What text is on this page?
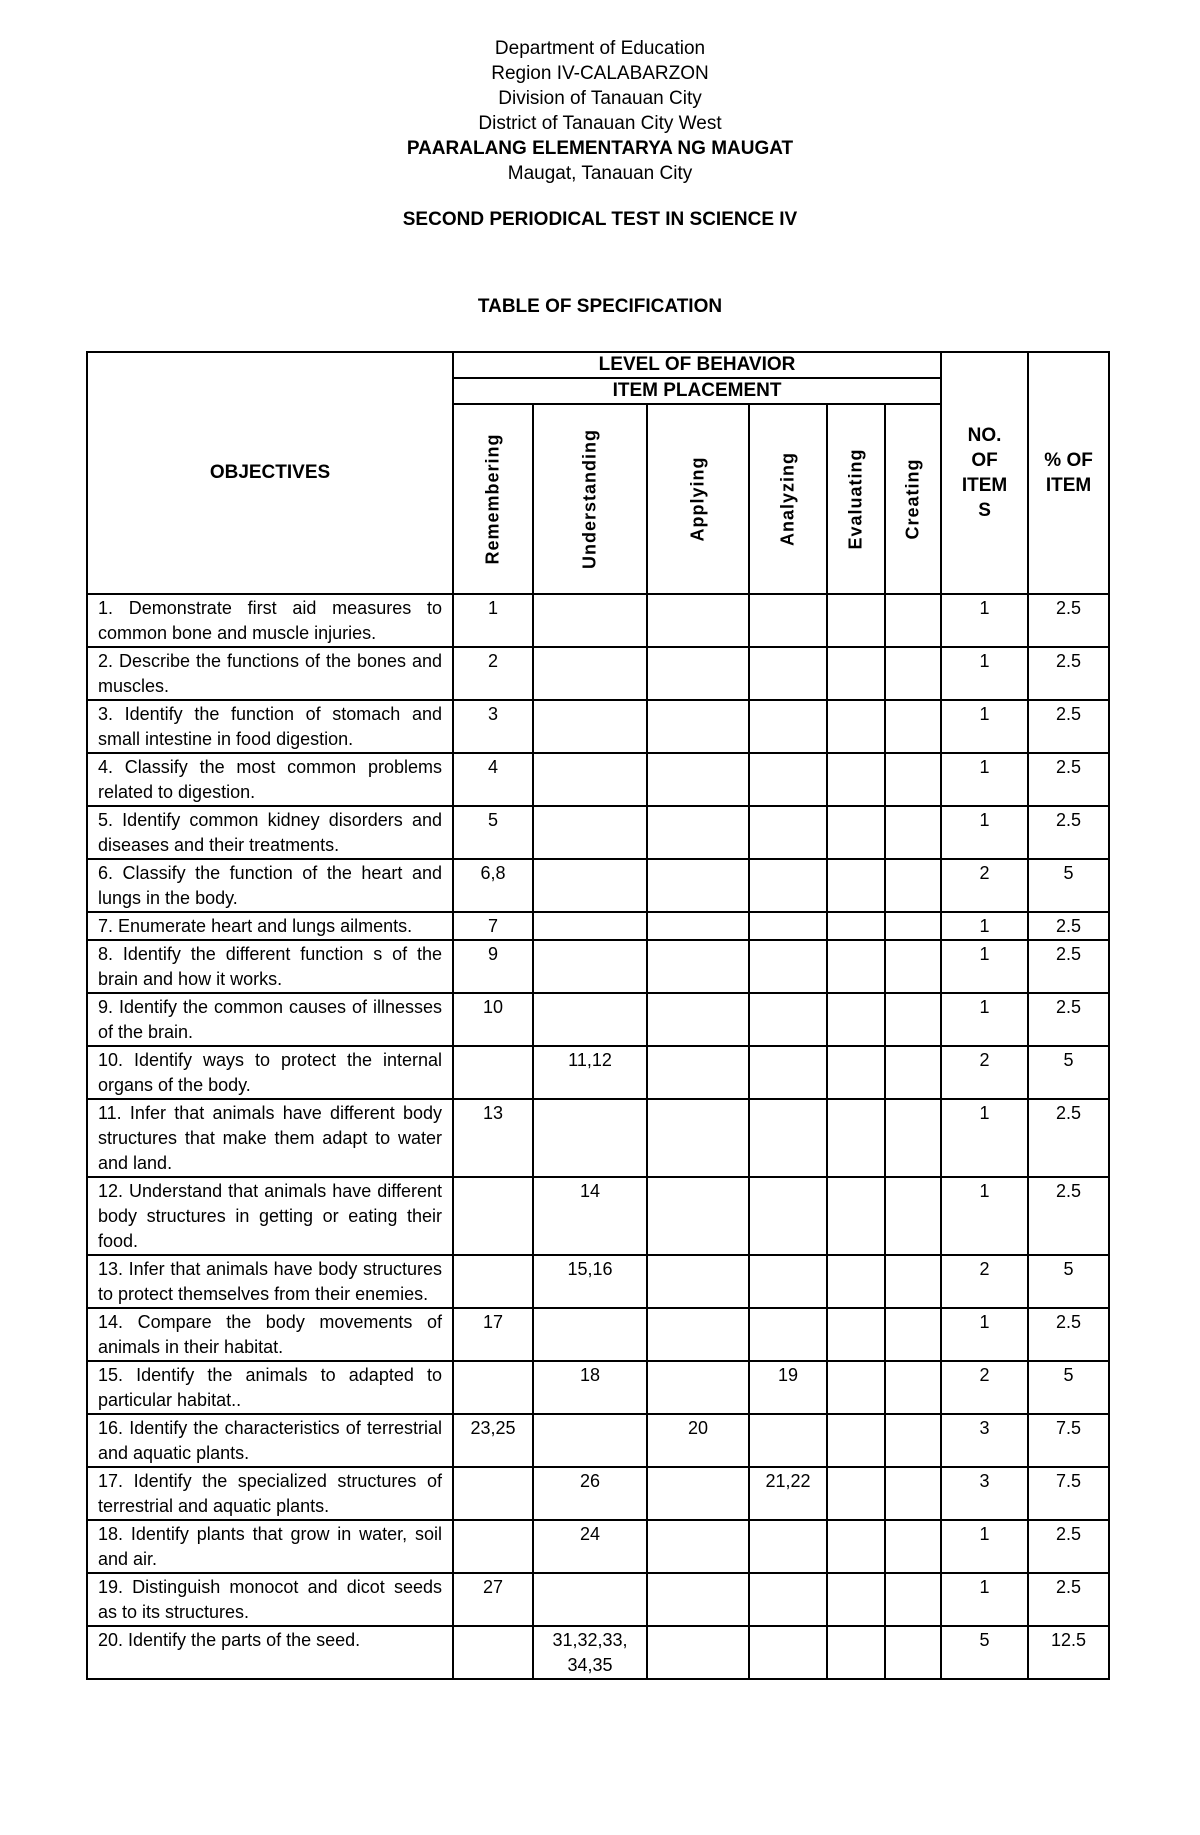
Department of Education
Region IV-CALABARZON
Division of Tanauan City
District of Tanauan City West
PAARALANG ELEMENTARYA NG MAUGAT
Maugat, Tanauan City
SECOND PERIODICAL TEST IN SCIENCE IV
TABLE OF SPECIFICATION
OBJECTIVES	LEVEL OF BEHAVIOR						NO. OF ITEM S	% OF ITEM

	ITEM PLACEMENT							

	Remembering	Understanding	Applying	Analyzing	Evaluating	Creating		

1. Demonstrate first aid measures to common bone and muscle injuries.	1						1	2.5
2. Describe the functions of the bones and muscles.	2						1	2.5
3. Identify the function of stomach and small intestine in food digestion.	3						1	2.5
4. Classify the most common problems related to digestion.	4						1	2.5
5. Identify common kidney disorders and diseases and their treatments.	5						1	2.5
6. Classify the function of the heart and lungs in the body.	6,8						2	5
7. Enumerate heart and lungs ailments.	7						1	2.5
8. Identify the different function s of the brain and how it works.	9						1	2.5
9. Identify the common causes of illnesses of the brain.	10						1	2.5
10. Identify ways to protect the internal organs of the body.		11,12					2	5
11. Infer that animals have different body structures that make them adapt to water and land.	13						1	2.5
12. Understand that animals have different body structures in getting or eating their food.		14					1	2.5
13. Infer that animals have body structures to protect themselves from their enemies.		15,16					2	5
14. Compare the body movements of animals in their habitat.	17						1	2.5
15. Identify the animals to adapted to particular habitat..		18		19			2	5
16. Identify the characteristics of terrestrial and aquatic plants.	23,25		20				3	7.5
17. Identify the specialized structures of terrestrial and aquatic plants.		26		21,22			3	7.5
18. Identify plants that grow in water, soil and air.		24					1	2.5
19. Distinguish monocot and dicot seeds as to its structures.	27						1	2.5
20. Identify the parts of the seed.		31,32,33, 34,35					5	12.5
